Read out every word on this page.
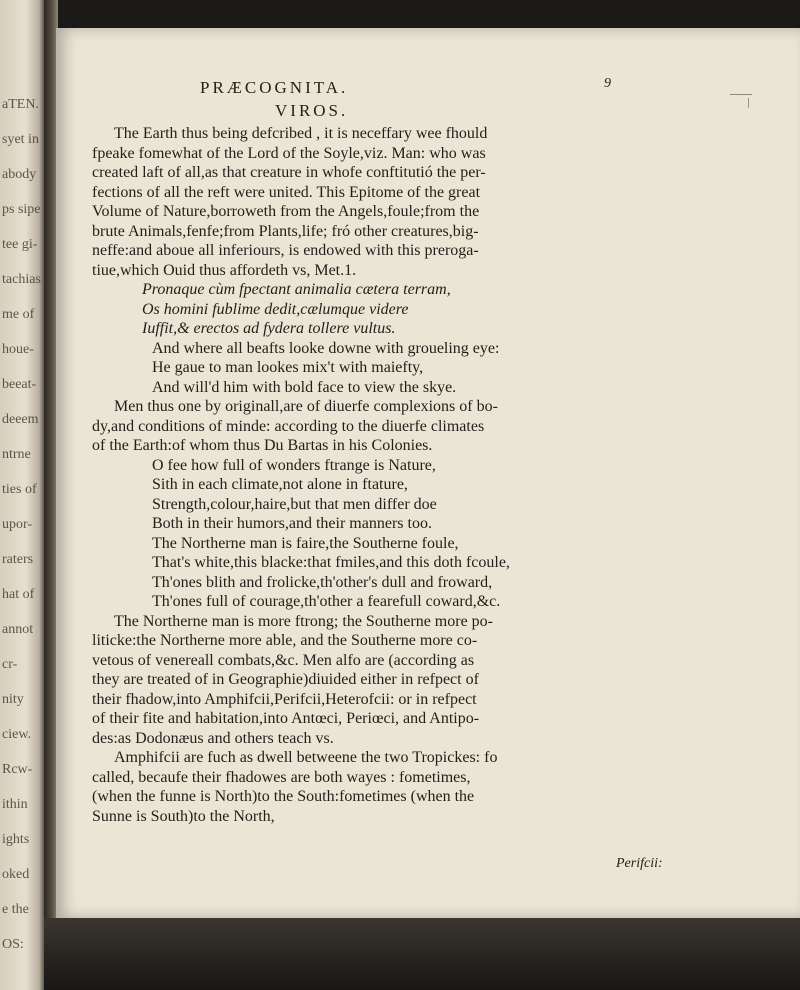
aTEN.
syet in
abody
ps sipe
tee gi-
tachias
me of
houe-
beeat-
deeem
ntrne
ties of
upor-
raters
hat of
annot
cr-
nity
ciew.
Rcw-
ithin
ights
oked
e the
OS:
PRÆCOGNITA.	9
VIROS.
The Earth thus being defcribed , it is neceffary wee fhould
fpeake fomewhat of the Lord of the Soyle,viz. Man: who was
created laft of all,as that creature in whofe conftitutió the per-
fections of all the reft were united. This Epitome of the great
Volume of Nature,borroweth from the Angels,foule;from the
brute Animals,fenfe;from Plants,life; fró other creatures,big-
neffe:and aboue all inferiours, is endowed with this preroga-
tiue,which Ouid thus affordeth vs, Met.1.
Pronaque cùm fpectant animalia cætera terram,
Os homini fublime dedit,cælumque videre
Iuffit,& erectos ad fydera tollere vultus.
And where all beafts looke downe with groueling eye:
He gaue to man lookes mix't with maiefty,
And will'd him with bold face to view the skye.
Men thus one by originall,are of diuerfe complexions of bo-
dy,and conditions of minde: according to the diuerfe climates
of the Earth:of whom thus Du Bartas in his Colonies.
O fee how full of wonders ftrange is Nature,
Sith in each climate,not alone in ftature,
Strength,colour,haire,but that men differ doe
Both in their humors,and their manners too.
The Northerne man is faire,the Southerne foule,
That's white,this blacke:that fmiles,and this doth fcoule,
Th'ones blith and frolicke,th'other's dull and froward,
Th'ones full of courage,th'other a fearefull coward,&c.
The Northerne man is more ftrong; the Southerne more po-
liticke:the Northerne more able, and the Southerne more co-
vetous of venereall combats,&c. Men alfo are (according as
they are treated of in Geographie)diuided either in refpect of
their fhadow,into Amphifcii,Perifcii,Heterofcii: or in refpect
of their fite and habitation,into Antœci, Periœci, and Antipo-
des:as Dodonæus and others teach vs.
Amphifcii are fuch as dwell betweene the two Tropickes: fo
called, becaufe their fhadowes are both wayes : fometimes,
(when the funne is North)to the South:fometimes (when the
Sunne is South)to the North,
Perifcii:
